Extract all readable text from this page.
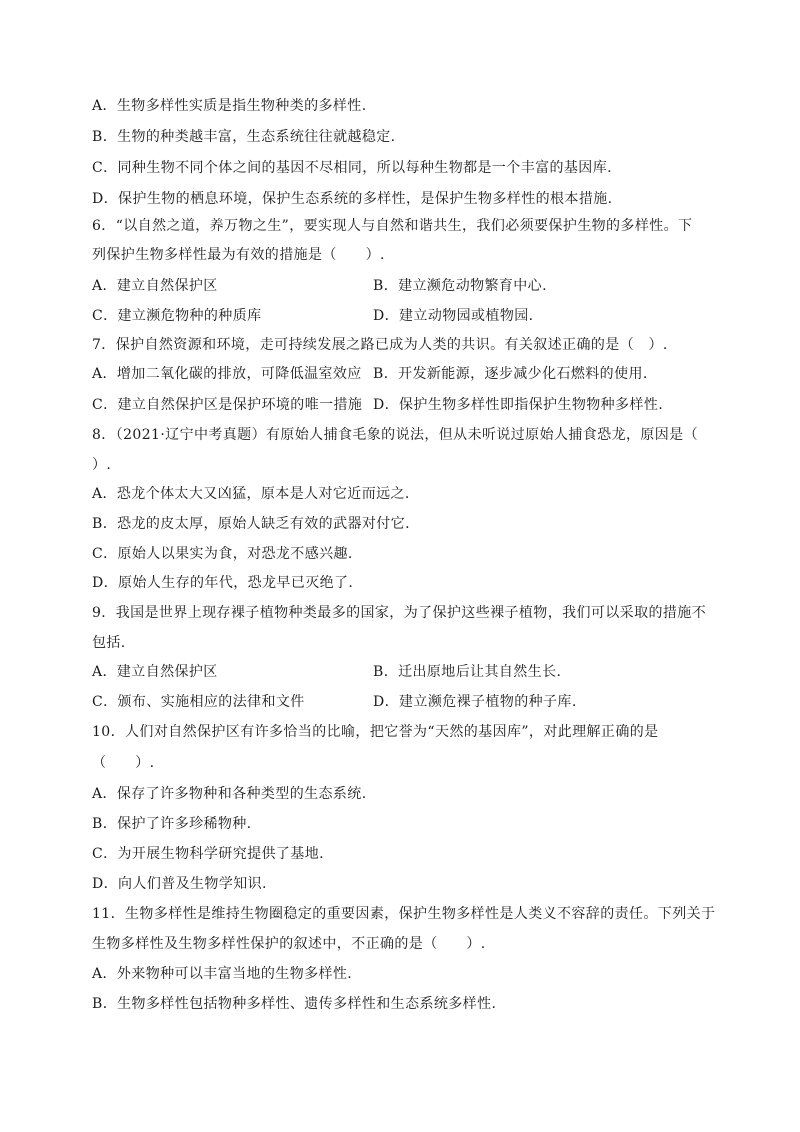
A．生物多样性实质是指生物种类的多样性.
B．生物的种类越丰富，生态系统往往就越稳定.
C．同种生物不同个体之间的基因不尽相同，所以每种生物都是一个丰富的基因库.
D．保护生物的栖息环境，保护生态系统的多样性，是保护生物多样性的根本措施.
6．“以自然之道，养万物之生”，要实现人与自然和谐共生，我们必须要保护生物的多样性。下
列保护生物多样性最为有效的措施是（　　）.
A．建立自然保护区	B．建立濒危动物繁育中心.
C．建立濒危物种的种质库	D．建立动物园或植物园.
7．保护自然资源和环境，走可持续发展之路已成为人类的共识。有关叙述正确的是（　）.
A．增加二氧化碳的排放，可降低温室效应 B．开发新能源，逐步减少化石燃料的使用.
C．建立自然保护区是保护环境的唯一措施 D．保护生物多样性即指保护生物物种多样性.
8．（2021·辽宁中考真题）有原始人捕食毛象的说法，但从未听说过原始人捕食恐龙，原因是（
）.
A．恐龙个体太大又凶猛，原本是人对它近而远之.
B．恐龙的皮太厚，原始人缺乏有效的武器对付它.
C．原始人以果实为食，对恐龙不感兴趣.
D．原始人生存的年代，恐龙早已灭绝了.
9．我国是世界上现存裸子植物种类最多的国家，为了保护这些裸子植物，我们可以采取的措施不
包括.
A．建立自然保护区	B．迁出原地后让其自然生长.
C．颁布、实施相应的法律和文件	D．建立濒危裸子植物的种子库.
10．人们对自然保护区有许多恰当的比喻，把它誉为“天然的基因库”，对此理解正确的是
（　　）.
A．保存了许多物种和各种类型的生态系统.
B．保护了许多珍稀物种.
C．为开展生物科学研究提供了基地.
D．向人们普及生物学知识.
11．生物多样性是维持生物圈稳定的重要因素，保护生物多样性是人类义不容辞的责任。下列关于
生物多样性及生物多样性保护的叙述中，不正确的是（　　）.
A．外来物种可以丰富当地的生物多样性.
B．生物多样性包括物种多样性、遗传多样性和生态系统多样性.
